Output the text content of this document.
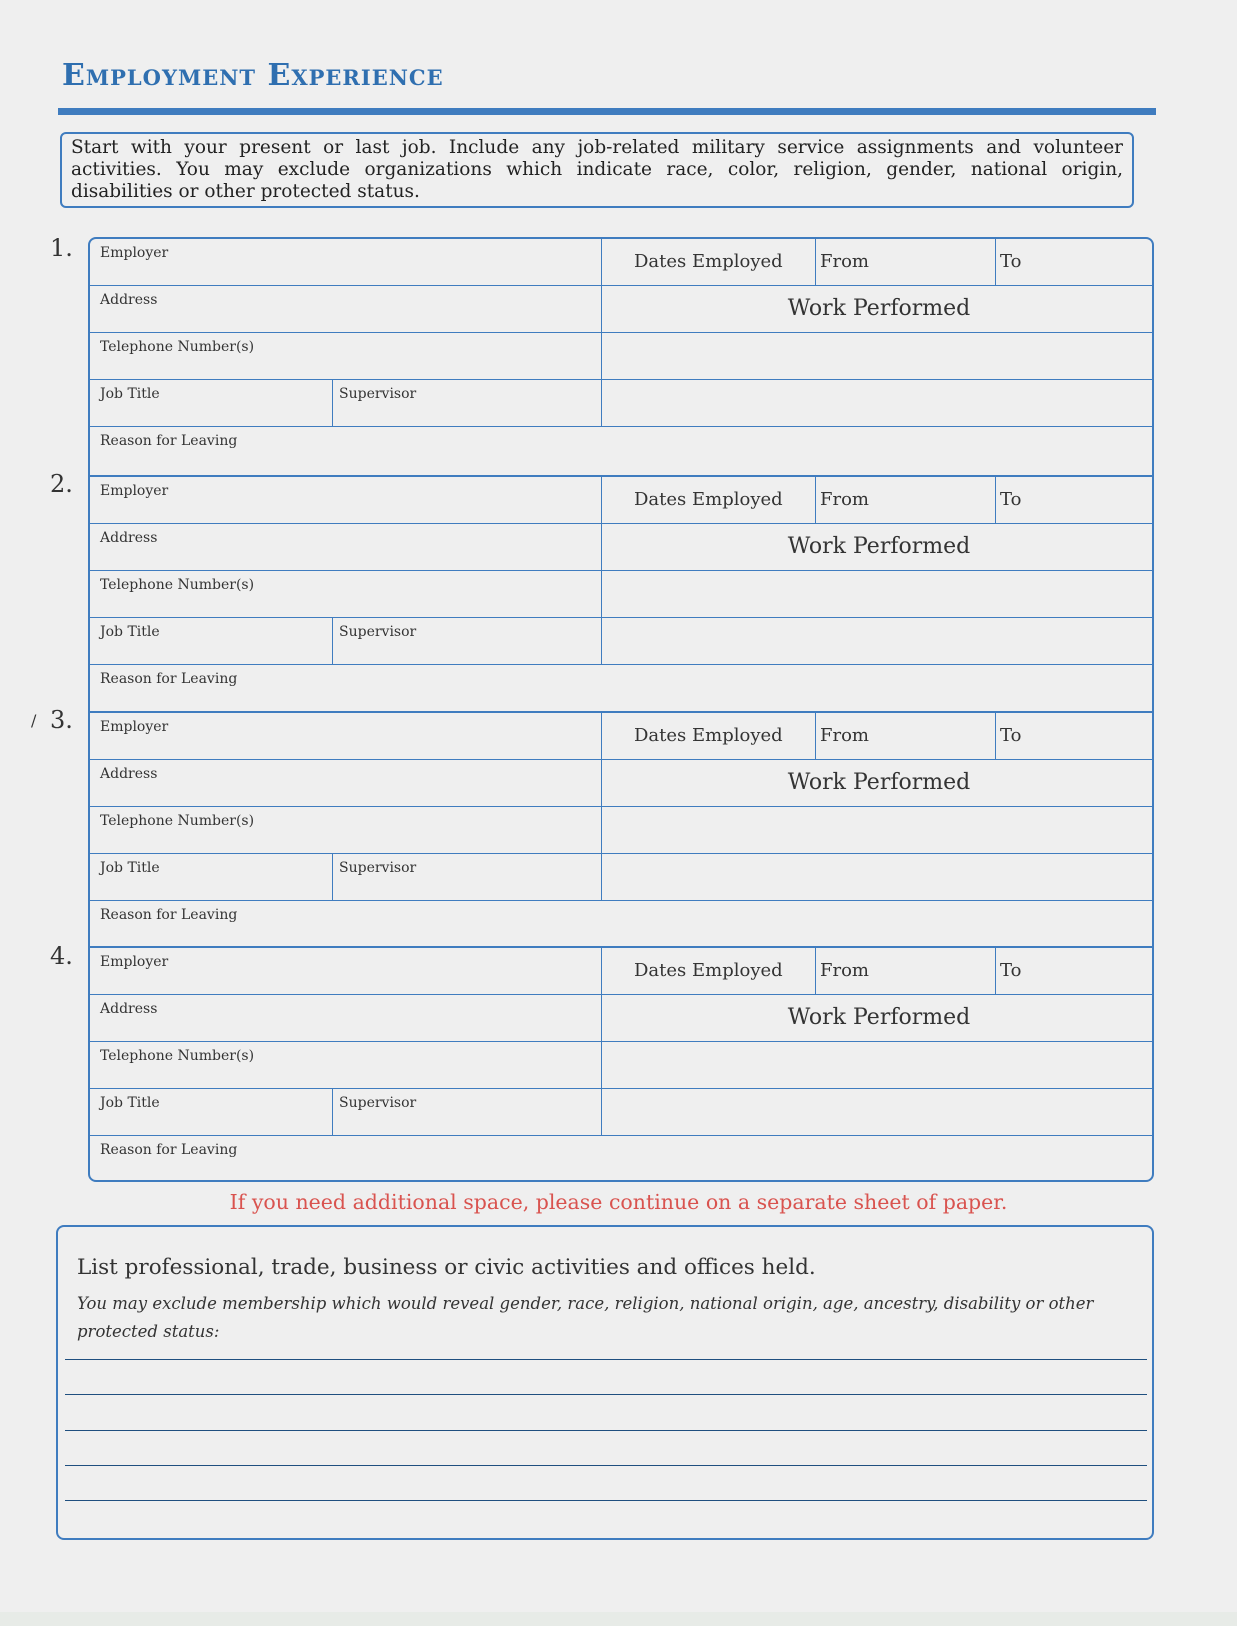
Employment Experience

Start with your present or last job. Include any job-related military service assignments and volunteer activities. You may exclude organizations which indicate race, color, religion, gender, national origin, disabilities or other protected status.

/
1.
2.
3.
4.
Employer	Dates Employed From	To
Address	Work Performed
Telephone Number(s)
Job Title	Supervisor
Reason for Leaving
Employer	Dates Employed From	To
Address	Work Performed
Telephone Number(s)
Job Title	Supervisor
Reason for Leaving
Employer	Dates Employed From	To
Address	Work Performed
Telephone Number(s)
Job Title	Supervisor
Reason for Leaving
Employer	Dates Employed From	To
Address	Work Performed
Telephone Number(s)
Job Title	Supervisor
Reason for Leaving

If you need additional space, please continue on a separate sheet of paper.

List professional, trade, business or civic activities and offices held.

You may exclude membership which would reveal gender, race, religion, national origin, age, ancestry, disability or other protected status:
